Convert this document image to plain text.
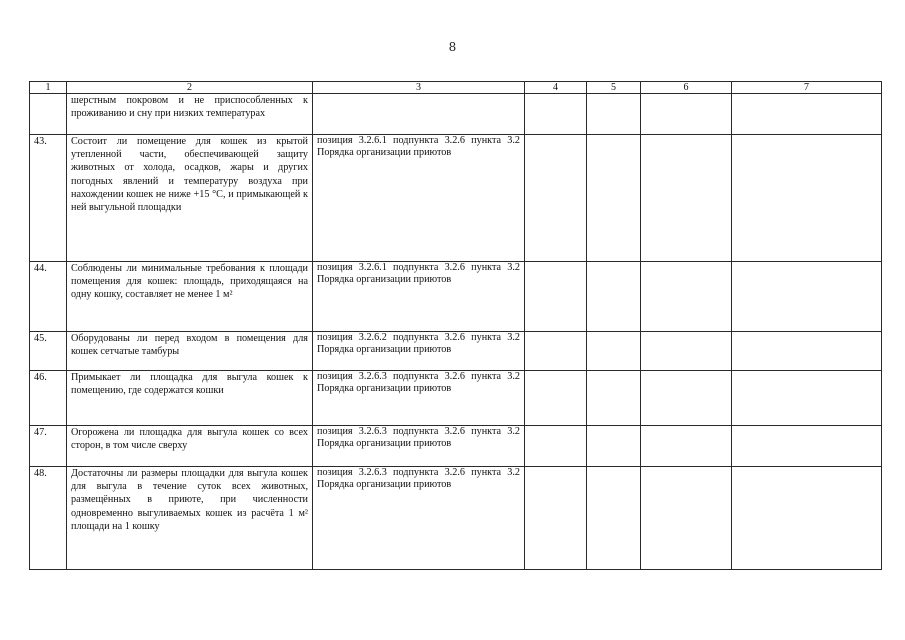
8
1	2	3	4	5	6	7
	шерстным покровом и не приспособленных к проживанию и сну при низких температурах					
43.	Состоит ли помещение для кошек из крытой утепленной части, обеспечивающей защиту животных от холода, осадков, жары и других погодных явлений и температуру воздуха при нахождении кошек не ниже +15 °С, и примыкающей к ней выгульной площадки	позиция 3.2.6.1 подпункта 3.2.6 пункта 3.2 Порядка организации приютов				
44.	Соблюдены ли минимальные требования к площади помещения для кошек: площадь, приходящаяся на одну кошку, составляет не менее 1 м²	позиция 3.2.6.1 подпункта 3.2.6 пункта 3.2 Порядка организации приютов				
45.	Оборудованы ли перед входом в помещения для кошек сетчатые тамбуры	позиция 3.2.6.2 подпункта 3.2.6 пункта 3.2 Порядка организации приютов				
46.	Примыкает ли площадка для выгула кошек к помещению, где содержатся кошки	позиция 3.2.6.3 подпункта 3.2.6 пункта 3.2 Порядка организации приютов				
47.	Огорожена ли площадка для выгула кошек со всех сторон, в том числе сверху	позиция 3.2.6.3 подпункта 3.2.6 пункта 3.2 Порядка организации приютов				
48.	Достаточны ли размеры площадки для выгула кошек для выгула в течение суток всех животных, размещённых в приюте, при численности одновременно выгуливаемых кошек из расчёта 1 м² площади на 1 кошку	позиция 3.2.6.3 подпункта 3.2.6 пункта 3.2 Порядка организации приютов				
